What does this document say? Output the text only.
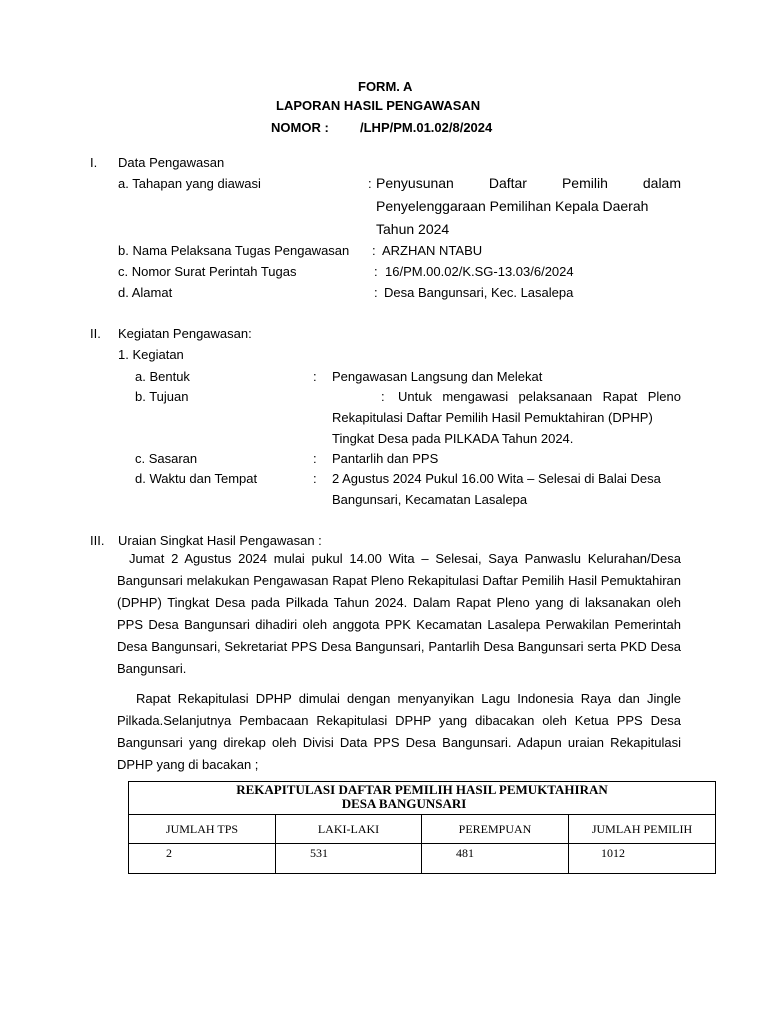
FORM. A
LAPORAN HASIL PENGAWASAN
NOMOR : /LHP/PM.01.02/8/2024
I. Data Pengawasan
a. Tahapan yang diawasi	: Penyusunan Daftar Pemilih dalam
Penyelenggaraan Pemilihan Kepala Daerah
Tahun 2024
b. Nama Pelaksana Tugas Pengawasan : ARZHAN NTABU
c. Nomor Surat Perintah Tugas	: 16/PM.00.02/K.SG-13.03/6/2024
d. Alamat	: Desa Bangunsari, Kec. Lasalepa
II. Kegiatan Pengawasan:
1. Kegiatan
a. Bentuk	: Pengawasan Langsung dan Melekat
b. Tujuan	: Untuk mengawasi pelaksanaan Rapat Pleno
Rekapitulasi Daftar Pemilih Hasil Pemuktahiran (DPHP)
Tingkat Desa pada PILKADA Tahun 2024.
c. Sasaran	: Pantarlih dan PPS
d. Waktu dan Tempat	: 2 Agustus 2024 Pukul 16.00 Wita – Selesai di Balai Desa
Bangunsari, Kecamatan Lasalepa
III. Uraian Singkat Hasil Pengawasan :
Jumat 2 Agustus 2024 mulai pukul 14.00 Wita – Selesai, Saya Panwaslu Kelurahan/Desa Bangunsari melakukan Pengawasan Rapat Pleno Rekapitulasi Daftar Pemilih Hasil Pemuktahiran (DPHP) Tingkat Desa pada Pilkada Tahun 2024. Dalam Rapat Pleno yang di laksanakan oleh PPS Desa Bangunsari dihadiri oleh anggota PPK Kecamatan Lasalepa Perwakilan Pemerintah Desa Bangunsari, Sekretariat PPS Desa Bangunsari, Pantarlih Desa Bangunsari serta PKD Desa Bangunsari.
Rapat Rekapitulasi DPHP dimulai dengan menyanyikan Lagu Indonesia Raya dan Jingle Pilkada.Selanjutnya Pembacaan Rekapitulasi DPHP yang dibacakan oleh Ketua PPS Desa Bangunsari yang direkap oleh Divisi Data PPS Desa Bangunsari. Adapun uraian Rekapitulasi DPHP yang di bacakan ;
REKAPITULASI DAFTAR PEMILIH HASIL PEMUKTAHIRAN
DESA BANGUNSARI			

JUMLAH TPS	LAKI-LAKI	PEREMPUAN	JUMLAH PEMILIH
2	531	481	1012
